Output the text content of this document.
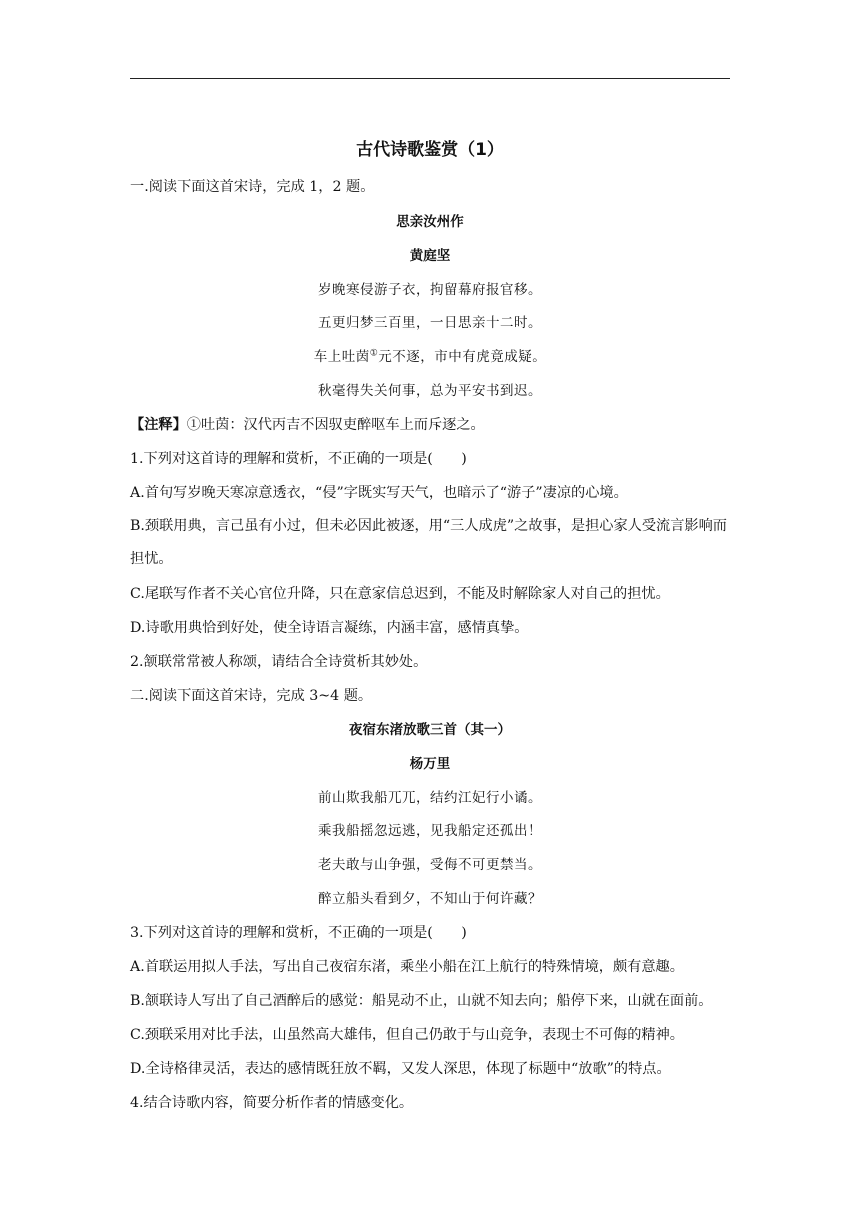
古代诗歌鉴赏（1）
一.阅读下面这首宋诗，完成 1，2 题。
思亲汝州作
黄庭坚
岁晚寒侵游子衣，拘留幕府报官移。
五更归梦三百里，一日思亲十二时。
车上吐茵①元不逐，市中有虎竟成疑。
秋毫得失关何事，总为平安书到迟。
【注释】①吐茵：汉代丙吉不因驭吏醉呕车上而斥逐之。
1.下列对这首诗的理解和赏析，不正确的一项是(　　)
A.首句写岁晚天寒凉意透衣，“侵”字既实写天气，也暗示了“游子”凄凉的心境。
B.颈联用典，言己虽有小过，但未必因此被逐，用“三人成虎”之故事，是担心家人受流言影响而担忧。
C.尾联写作者不关心官位升降，只在意家信总迟到，不能及时解除家人对自己的担忧。
D.诗歌用典恰到好处，使全诗语言凝练，内涵丰富，感情真挚。
2.颔联常常被人称颂，请结合全诗赏析其妙处。
二.阅读下面这首宋诗，完成 3~4 题。
夜宿东渚放歌三首（其一）
杨万里
前山欺我船兀兀，结约江妃行小谲。
乘我船摇忽远逃，见我船定还孤出！
老夫敢与山争强，受侮不可更禁当。
醉立船头看到夕，不知山于何许藏？
3.下列对这首诗的理解和赏析，不正确的一项是(　　)
A.首联运用拟人手法，写出自己夜宿东渚，乘坐小船在江上航行的特殊情境，颇有意趣。
B.颔联诗人写出了自己酒醉后的感觉：船晃动不止，山就不知去向；船停下来，山就在面前。
C.颈联采用对比手法，山虽然高大雄伟，但自己仍敢于与山竞争，表现士不可侮的精神。
D.全诗格律灵活，表达的感情既狂放不羁，又发人深思，体现了标题中“放歌”的特点。
4.结合诗歌内容，简要分析作者的情感变化。
